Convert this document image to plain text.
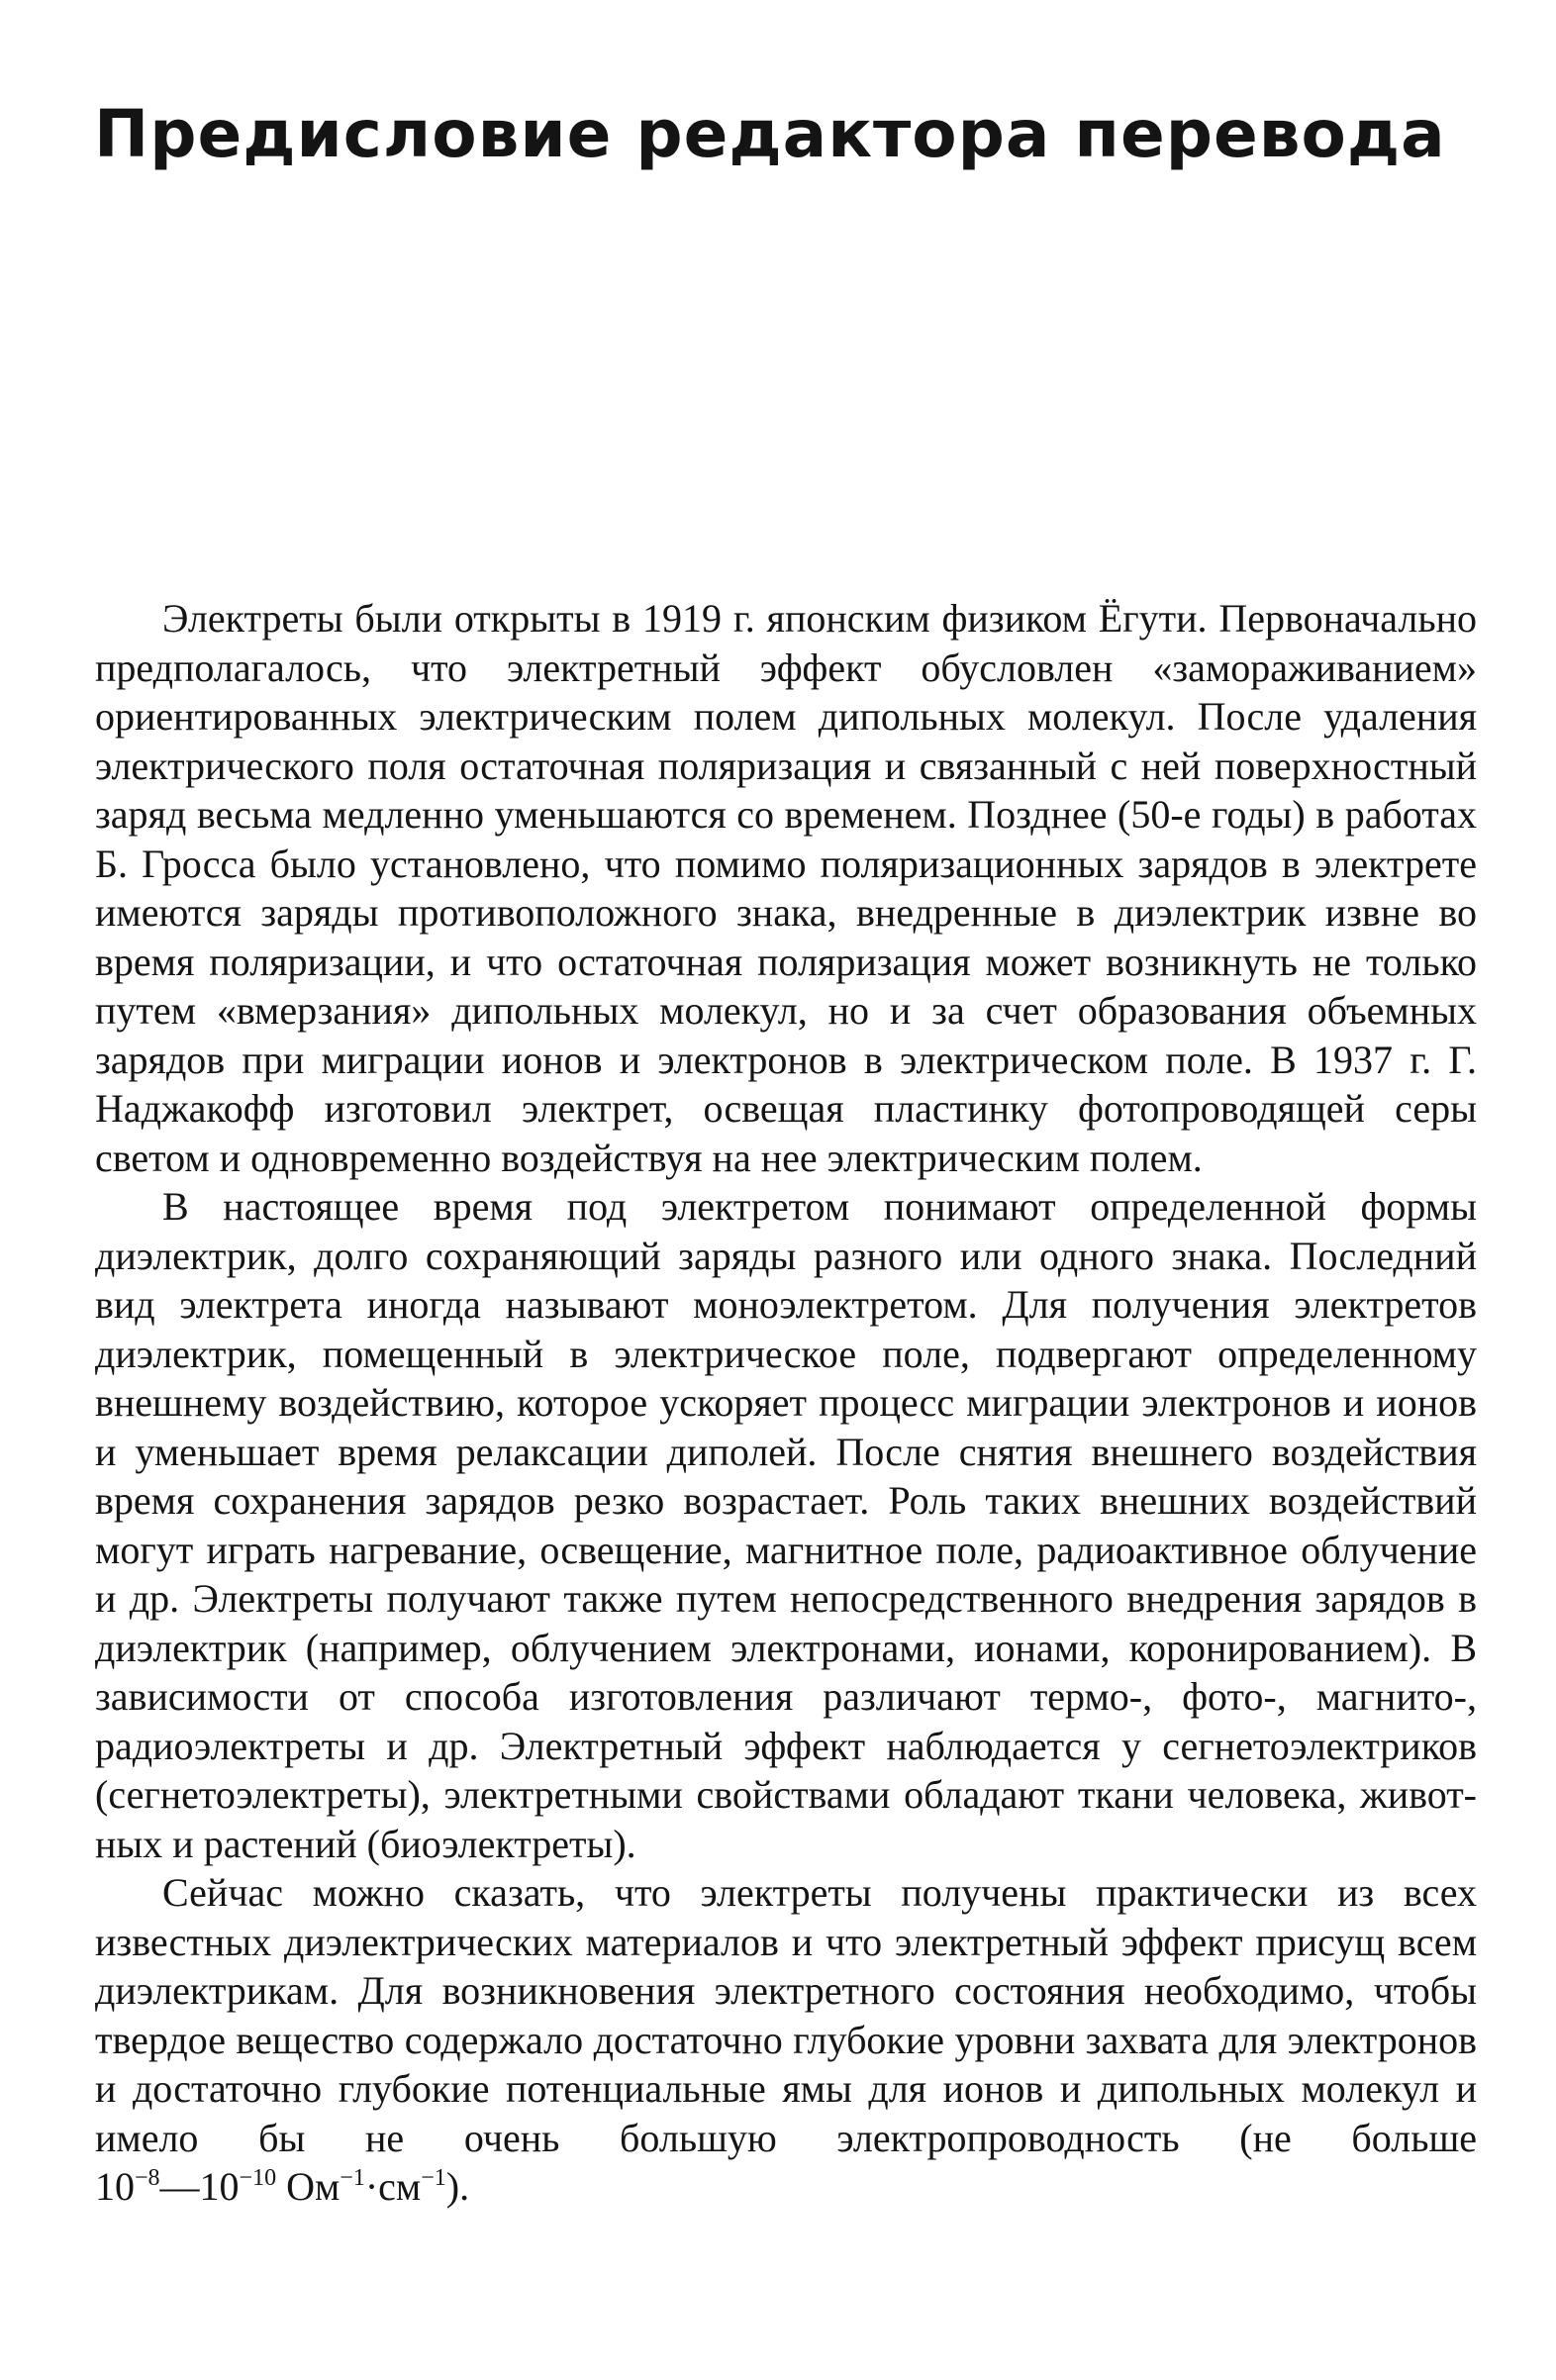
Предисловие редактора перевода

Электреты были открыты в 1919 г. японским физиком Ёгути. Первоначально предполагалось, что электретный эффект обусловлен «замораживанием» ориентированных электрическим полем дипольных молекул. После удаления электрического поля остаточная поляризация и связанный с ней поверхностный заряд весьма медленно уменьшаются со временем. Позднее (50-е годы) в работах Б. Гросса было установлено, что помимо поляризационных зарядов в электрете имеются заряды противоположного знака, внедренные в диэлектрик извне во время поляризации, и что остаточная поляризация может возникнуть не только путем «вмерзания» дипольных молекул, но и за счет образования объемных зарядов при миграции ионов и электронов в электрическом поле. В 1937 г. Г. Наджакофф изготовил электрет, освещая пластинку фотопроводящей серы светом и одновременно воздействуя на нее электрическим полем.

В настоящее время под электретом понимают определенной формы диэлектрик, долго сохраняющий заряды разного или одного знака. Последний вид электрета иногда называют моноэлектретом. Для получения электретов диэлектрик, помещенный в электрическое поле, подвергают определенному внешнему воздействию, которое ускоряет процесс миграции электронов и ионов и уменьшает время релаксации диполей. После снятия внешнего воздействия время сохранения зарядов резко возрастает. Роль таких внешних воздействий могут играть нагревание, освещение, магнитное поле, радиоактивное облучение и др. Электреты получают также путем непосредственного внедрения зарядов в диэлектрик (например, облучением электронами, ионами, коронированием). В зависимости от способа изготовления различают термо-, фото-, магнито-, радиоэлектреты и др. Электретный эффект наблюдается у сегнетоэлектриков (сегнетоэлектреты), электретными свойствами обладают ткани человека, животных и растений (биоэлектреты).

Сейчас можно сказать, что электреты получены практически из всех известных диэлектрических материалов и что электретный эффект присущ всем диэлектрикам. Для возникновения электретного состояния необходимо, чтобы твердое вещество содержало достаточно глубокие уровни захвата для электронов и достаточно глубокие потенциальные ямы для ионов и дипольных молекул и имело бы не очень большую электропроводность (не больше $10^{-8}—10^{-10}$ $Ом^{-1}\cdot см^{-1}$).
